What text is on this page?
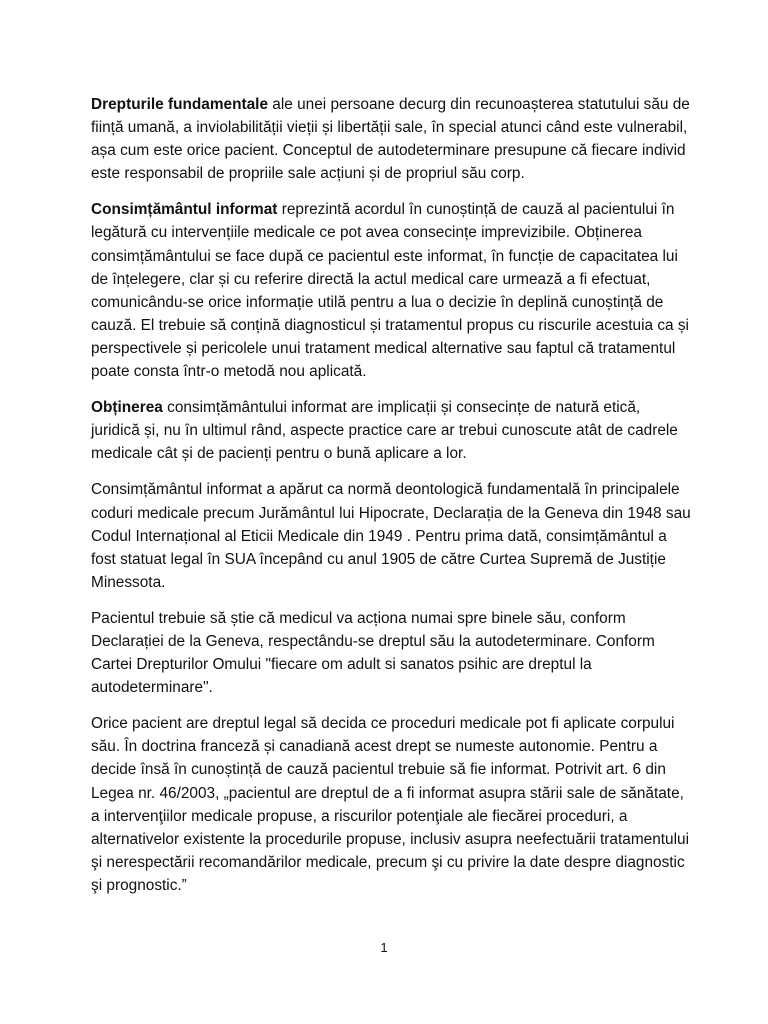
Drepturile fundamentale ale unei persoane decurg din recunoașterea statutului său de ființă umană, a inviolabilității vieții și libertății sale, în special atunci când este vulnerabil, așa cum este orice pacient. Conceptul de autodeterminare presupune că fiecare individ este responsabil de propriile sale acțiuni și de propriul său corp.

Consimțământul informat reprezintă acordul în cunoștință de cauză al pacientului în legătură cu intervențiile medicale ce pot avea consecințe imprevizibile. Obținerea consimțământului se face după ce pacientul este informat, în funcție de capacitatea lui de înțelegere, clar și cu referire directă la actul medical care urmează a fi efectuat, comunicându-se orice informație utilă pentru a lua o decizie în deplină cunoștință de cauză. El trebuie să conțină diagnosticul și tratamentul propus cu riscurile acestuia ca și perspectivele și pericolele unui tratament medical alternative sau faptul că tratamentul poate consta într-o metodă nou aplicată.

Obținerea consimțământului informat are implicații și consecințe de natură etică, juridică și, nu în ultimul rând, aspecte practice care ar trebui cunoscute atât de cadrele medicale cât și de pacienți pentru o bună aplicare a lor.

Consimțământul informat a apărut ca normă deontologică fundamentală în principalele coduri medicale precum Jurământul lui Hipocrate, Declarația de la Geneva din 1948 sau Codul Internațional al Eticii Medicale din 1949 . Pentru prima dată, consimțământul a fost statuat legal în SUA începând cu anul 1905 de către Curtea Supremă de Justiție Minessota.

Pacientul trebuie să știe că medicul va acționa numai spre binele său, conform Declarației de la Geneva, respectându-se dreptul său la autodeterminare. Conform Cartei Drepturilor Omului "fiecare om adult si sanatos psihic are dreptul la autodeterminare".

Orice pacient are dreptul legal să decida ce proceduri medicale pot fi aplicate corpului său. În doctrina franceză și canadiană acest drept se numeste autonomie. Pentru a decide însă în cunoștință de cauză pacientul trebuie să fie informat. Potrivit art. 6 din Legea nr. 46/2003, „pacientul are dreptul de a fi informat asupra stării sale de sănătate, a intervenţiilor medicale propuse, a riscurilor potenţiale ale fiecărei proceduri, a alternativelor existente la procedurile propuse, inclusiv asupra neefectuării tratamentului şi nerespectării recomandărilor medicale, precum şi cu privire la date despre diagnostic şi prognostic.”

1
